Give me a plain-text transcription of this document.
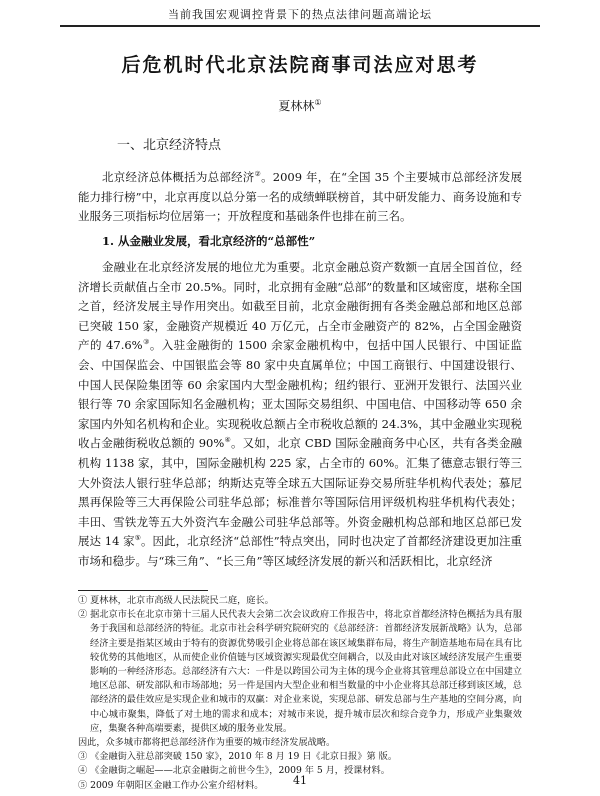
当前我国宏观调控背景下的热点法律问题高端论坛
后危机时代北京法院商事司法应对思考
夏林林①
一、北京经济特点

北京经济总体概括为总部经济②。2009 年，在“全国 35 个主要城市总部经济发展能力排行榜”中，北京再度以总分第一名的成绩蝉联榜首，其中研发能力、商务设施和专业服务三项指标均位居第一；开放程度和基础条件也排在前三名。

1. 从金融业发展，看北京经济的“总部性”

金融业在北京经济发展的地位尤为重要。北京金融总资产数额一直居全国首位，经济增长贡献值占全市 20.5%。同时，北京拥有金融“总部”的数量和区域密度，堪称全国之首，经济发展主导作用突出。如截至目前，北京金融街拥有各类金融总部和地区总部已突破 150 家，金融资产规模近 40 万亿元，占全市金融资产的 82%，占全国金融资产的 47.6%③。入驻金融街的 1500 余家金融机构中，包括中国人民银行、中国证监会、中国保监会、中国银监会等 80 家中央直属单位；中国工商银行、中国建设银行、中国人民保险集团等 60 余家国内大型金融机构；纽约银行、亚洲开发银行、法国兴业银行等 70 余家国际知名金融机构；亚太国际交易组织、中国电信、中国移动等 650 余家国内外知名机构和企业。实现税收总额占全市税收总额的 24.3%，其中金融业实现税收占金融街税收总额的 90%④。又如，北京 CBD 国际金融商务中心区，共有各类金融机构 1138 家，其中，国际金融机构 225 家，占全市的 60%。汇集了德意志银行等三大外资法人银行驻华总部；纳斯达克等全球五大国际证券交易所驻华机构代表处；慕尼黑再保险等三大再保险公司驻华总部；标准普尔等国际信用评级机构驻华机构代表处；丰田、雪铁龙等五大外资汽车金融公司驻华总部等。外资金融机构总部和地区总部已发展达 14 家⑤。因此，北京经济“总部性”特点突出，同时也决定了首都经济建设更加注重市场和稳步。与“珠三角”、“长三角”等区域经济发展的新兴和活跃相比，北京经济

① 夏林林，北京市高级人民法院民二庭，庭长。

② 据北京市长在北京市第十三届人民代表大会第二次会议政府工作报告中，将北京首都经济特色概括为具有服务于我国和总部经济的特征。北京市社会科学研究院研究的《总部经济：首都经济发展新战略》认为，总部经济主要是指某区域由于特有的资源优势吸引企业将总部在该区域集群布局，将生产制造基地布局在具有比较优势的其他地区，从而使企业价值链与区域资源实现最优空间耦合，以及由此对该区域经济发展产生重要影响的一种经济形态。总部经济有六大：一件是以跨国公司为主体的现今企业将其管理总部设立在中国建立地区总部、研发部队和市场部地；另一件是国内大型企业和相当数量的中小企业将其总部迁移到该区域，总部经济的最佳效应是实现企业和城市的双赢：对企业来说，实现总部、研发总部与生产基地的空间分离，向中心城市聚集，降低了对土地的需求和成本；对城市来说，提升城市层次和综合竞争力，形成产业集聚效应，集聚各种高端要素，提供区域的服务业发展。

因此，众多城市都将把总部经济作为重要的城市经济发展战略。

③ 《金融街入驻总部突破 150 家》，2010 年 8 月 19 日《北京日报》第 版。

④ 《金融街之崛起——北京金融街之前世今生》，2009 年 5 月，授课材料。

⑤ 2009 年朝阳区金融工作办公室介绍材料。	41
